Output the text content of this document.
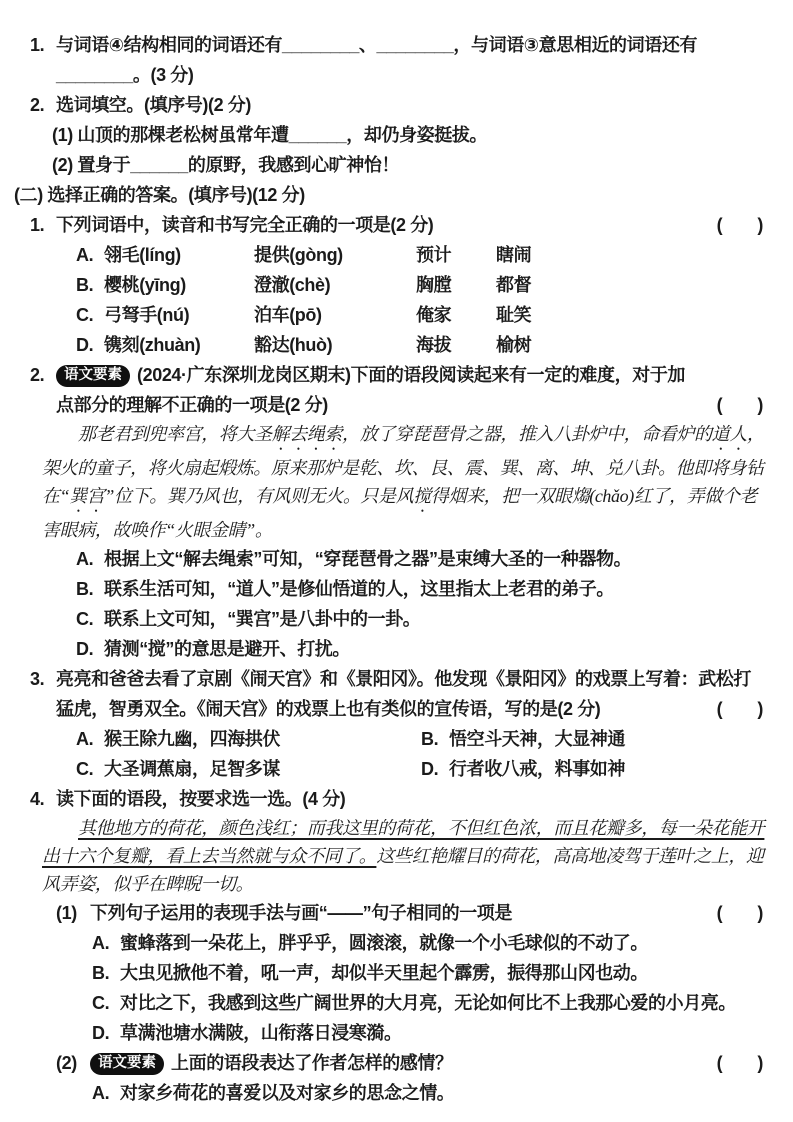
1. 与词语④结构相同的词语还有________、________，与词语③意思相近的词语还有
________。(3 分)
2. 选词填空。(填序号)(2 分)
(1) 山顶的那棵老松树虽常年遭______，却仍身姿挺拔。
(2) 置身于______的原野，我感到心旷神怡！
(二) 选择正确的答案。(填序号)(12 分)
1. 下列词语中，读音和书写完全正确的一项是(2 分)	(　　)
A. 翎毛(líng)	提供(gòng)	预计	瞎闹
B. 樱桃(yīng)	澄澈(chè)	胸膛	都督
C. 弓弩手(nú)	泊车(pō)	俺家	耻笑
D. 镌刻(zhuàn)	豁达(huò)	海拔	榆树
2.	语文要素 (2024·广东深圳龙岗区期末)下面的语段阅读起来有一定的难度，对于加
点部分的理解不正确的一项是(2 分)	(　　)
那老君到兜率宫，将大圣解去绳索，放了穿琵琶骨之器，推入八卦炉中，命看炉的道人，架火的童子，将火扇起煅炼。原来那炉是乾、坎、艮、震、巽、离、坤、兑八卦。他即将身钻在“巽宫”位下。巽乃风也，有风则无火。只是风搅得烟来，把一双眼煼(chǎo)红了，弄做个老害眼病，故唤作“火眼金睛”。
A. 根据上文“解去绳索”可知，“穿琵琶骨之器”是束缚大圣的一种器物。
B. 联系生活可知，“道人”是修仙悟道的人，这里指太上老君的弟子。
C. 联系上文可知，“巽宫”是八卦中的一卦。
D. 猜测“搅”的意思是避开、打扰。
3. 亮亮和爸爸去看了京剧《闹天宫》和《景阳冈》。他发现《景阳冈》的戏票上写着：武松打
猛虎，智勇双全。《闹天宫》的戏票上也有类似的宣传语，写的是(2 分)	(　　)
A. 猴王除九幽，四海拱伏	B. 悟空斗天神，大显神通
C. 大圣调蕉扇，足智多谋	D. 行者收八戒，料事如神
4. 读下面的语段，按要求选一选。(4 分)
其他地方的荷花，颜色浅红；而我这里的荷花，不但红色浓，而且花瓣多，每一朵花能开出十六个复瓣，看上去当然就与众不同了。这些红艳耀目的荷花，高高地凌驾于莲叶之上，迎风弄姿，似乎在睥睨一切。
(1) 下列句子运用的表现手法与画“——”句子相同的一项是	(　　)
A. 蜜蜂落到一朵花上，胖乎乎，圆滚滚，就像一个小毛球似的不动了。
B. 大虫见掀他不着，吼一声，却似半天里起个霹雳，振得那山冈也动。
C. 对比之下，我感到这些广阔世界的大月亮，无论如何比不上我那心爱的小月亮。
D. 草满池塘水满陂，山衔落日浸寒漪。
(2)	语文要素 上面的语段表达了作者怎样的感情？	(　　)
A. 对家乡荷花的喜爱以及对家乡的思念之情。
